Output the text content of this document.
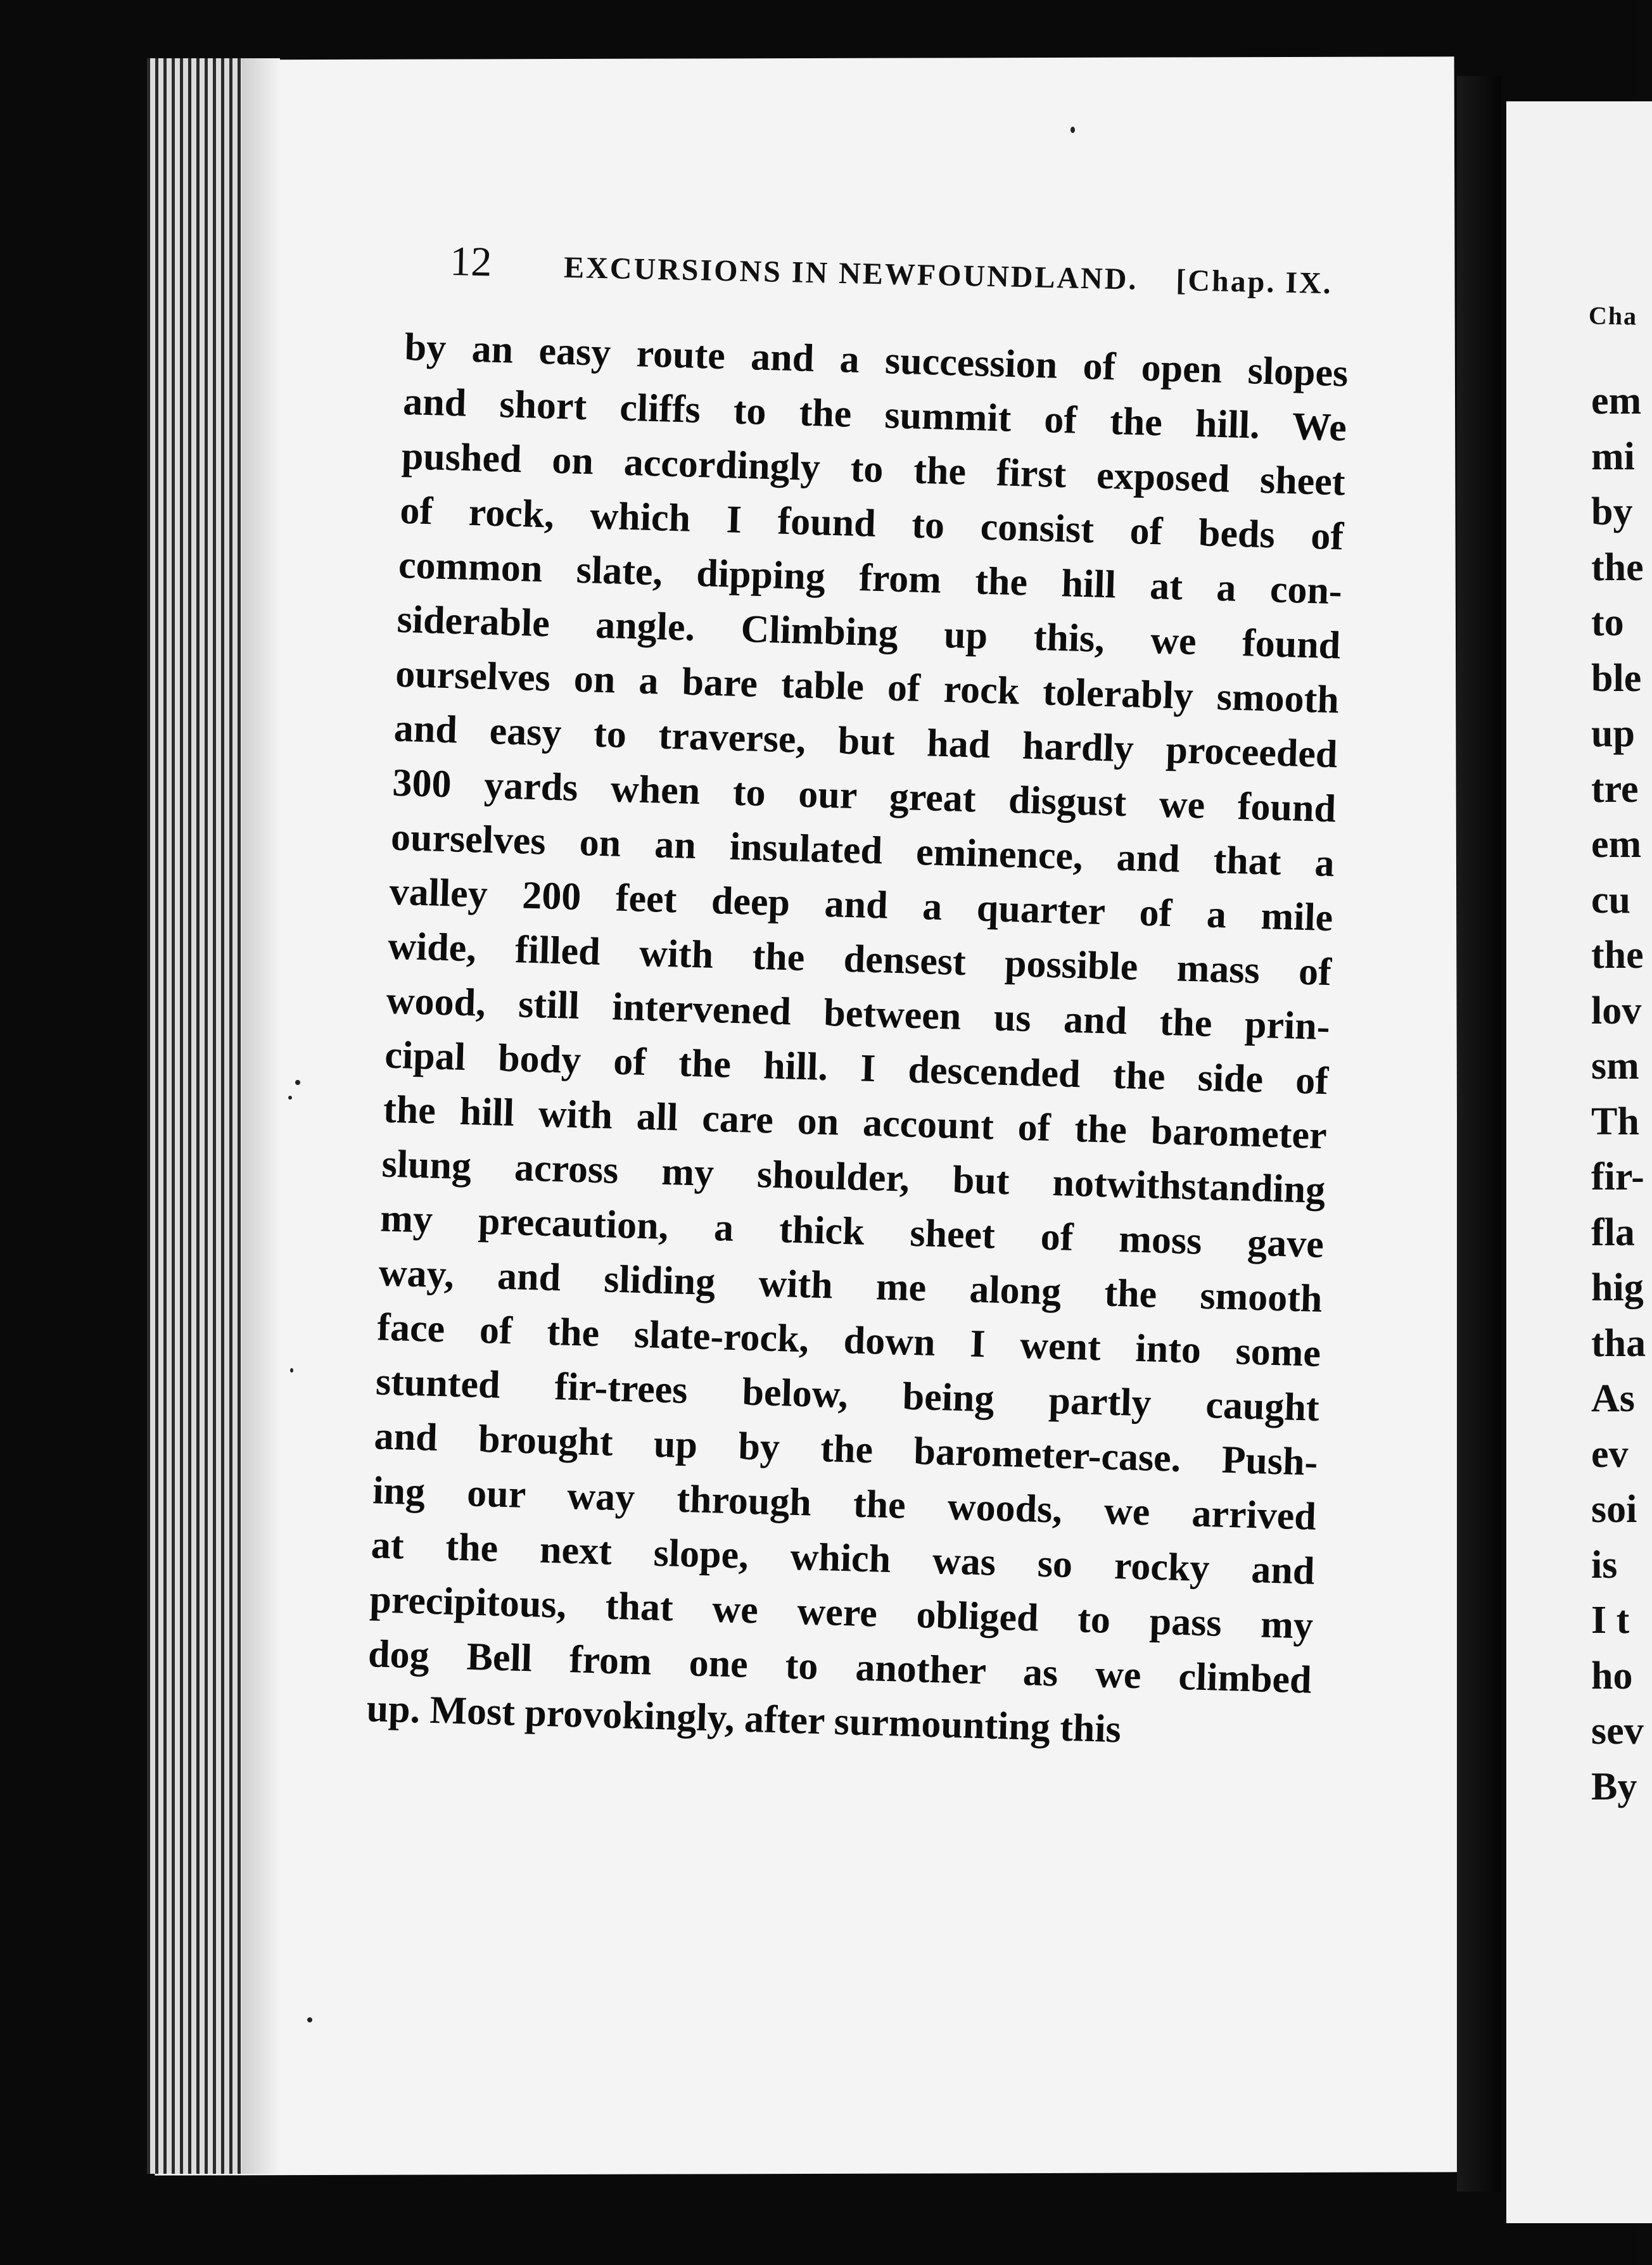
12	EXCURSIONS IN NEWFOUNDLAND. [Chap. IX.
by an easy route and a succession of open slopes
and short cliffs to the summit of the hill. We
pushed on accordingly to the first exposed sheet
of rock, which I found to consist of beds of
common slate, dipping from the hill at a con-
siderable angle. Climbing up this, we found
ourselves on a bare table of rock tolerably smooth
and easy to traverse, but had hardly proceeded
300 yards when to our great disgust we found
ourselves on an insulated eminence, and that a
valley 200 feet deep and a quarter of a mile
wide, filled with the densest possible mass of
wood, still intervened between us and the prin-
cipal body of the hill. I descended the side of
the hill with all care on account of the barometer
slung across my shoulder, but notwithstanding
my precaution, a thick sheet of moss gave
way, and sliding with me along the smooth
face of the slate-rock, down I went into some
stunted fir-trees below, being partly caught
and brought up by the barometer-case. Push-
ing our way through the woods, we arrived
at the next slope, which was so rocky and
precipitous, that we were obliged to pass my
dog Bell from one to another as we climbed
up. Most provokingly, after surmounting this
Cha
em
mi
by
the
to
ble
up
tre
em
cu
the
lov
sm
Th
fir-
fla
hig
tha
As
ev
soi
is
I t
ho
sev
By
